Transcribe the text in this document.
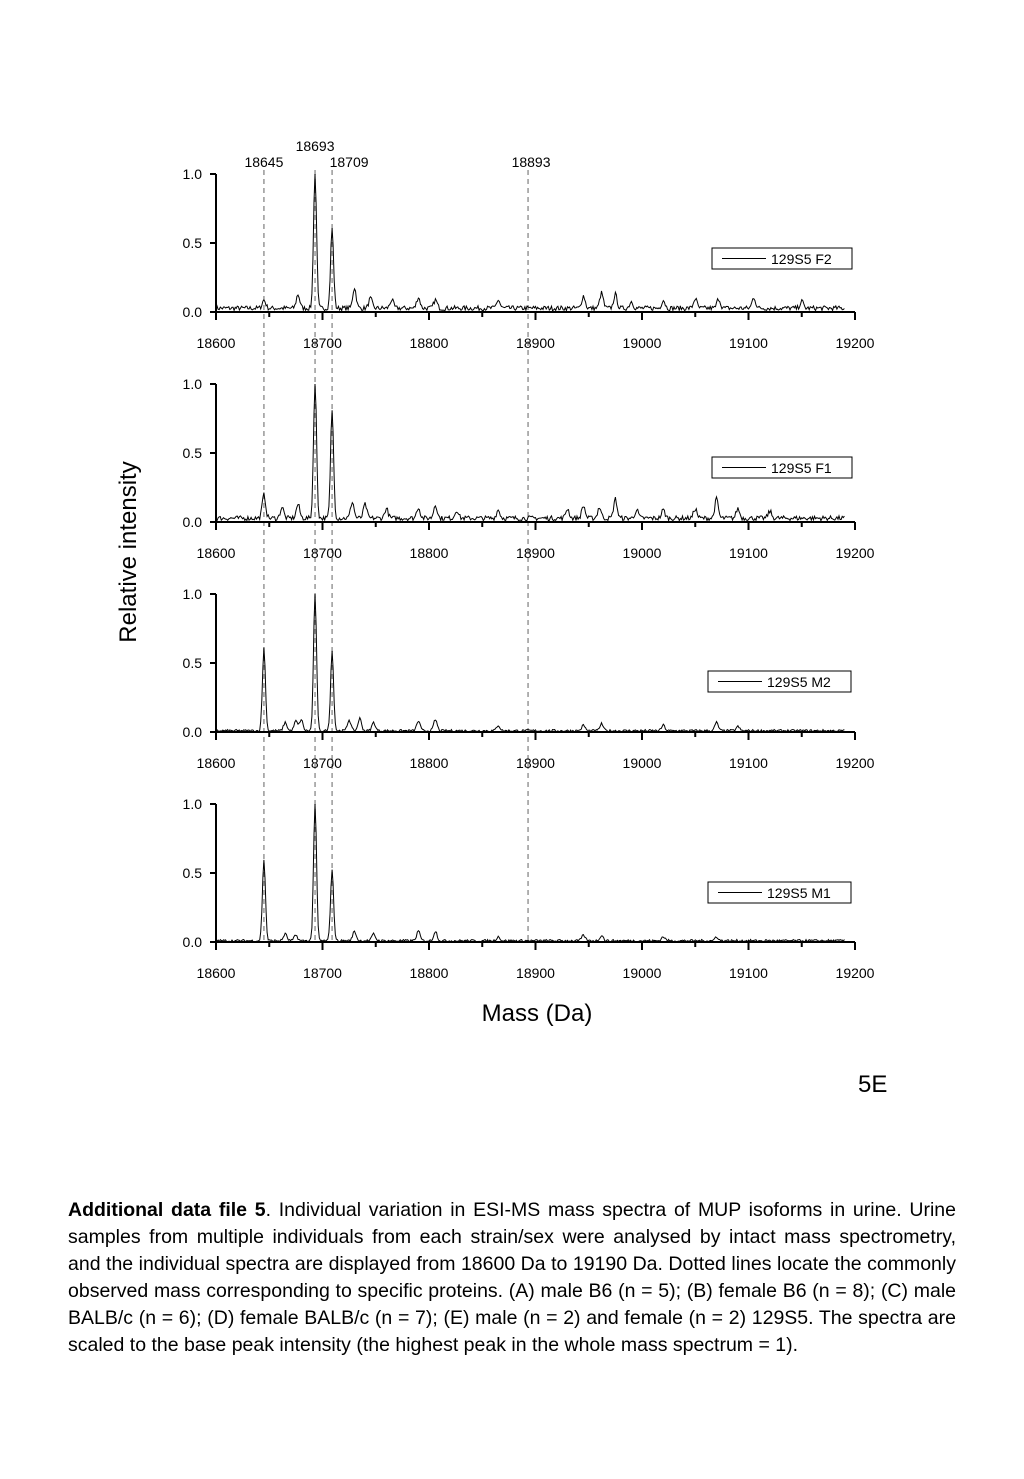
18645
18693
18709	18893
0.0
0.5
1.0
18600	18700	18800	18900	19000	19100	19200
129S5 F2
0.0
0.5
1.0
18600	18700	18800	18900	19000	19100	19200
129S5 F1
0.0
0.5
1.0
18600	18700	18800	18900	19000	19100	19200
129S5 M2
0.0
0.5
1.0
18600	18700	18800	18900	19000	19100	19200
129S5 M1
Mass (Da)
Relative intensity
5E
Additional data file 5. Individual variation in ESI-MS mass spectra of MUP isoforms in urine. Urine samples from multiple individuals from each strain/sex were analysed by intact mass spectrometry, and the individual spectra are displayed from 18600 Da to 19190 Da. Dotted lines locate the commonly observed mass corresponding to specific proteins. (A) male B6 (n = 5); (B) female B6 (n = 8); (C) male BALB/c (n = 6); (D) female BALB/c (n = 7); (E) male (n = 2) and female (n = 2) 129S5. The spectra are scaled to the base peak intensity (the highest peak in the whole mass spectrum = 1).
